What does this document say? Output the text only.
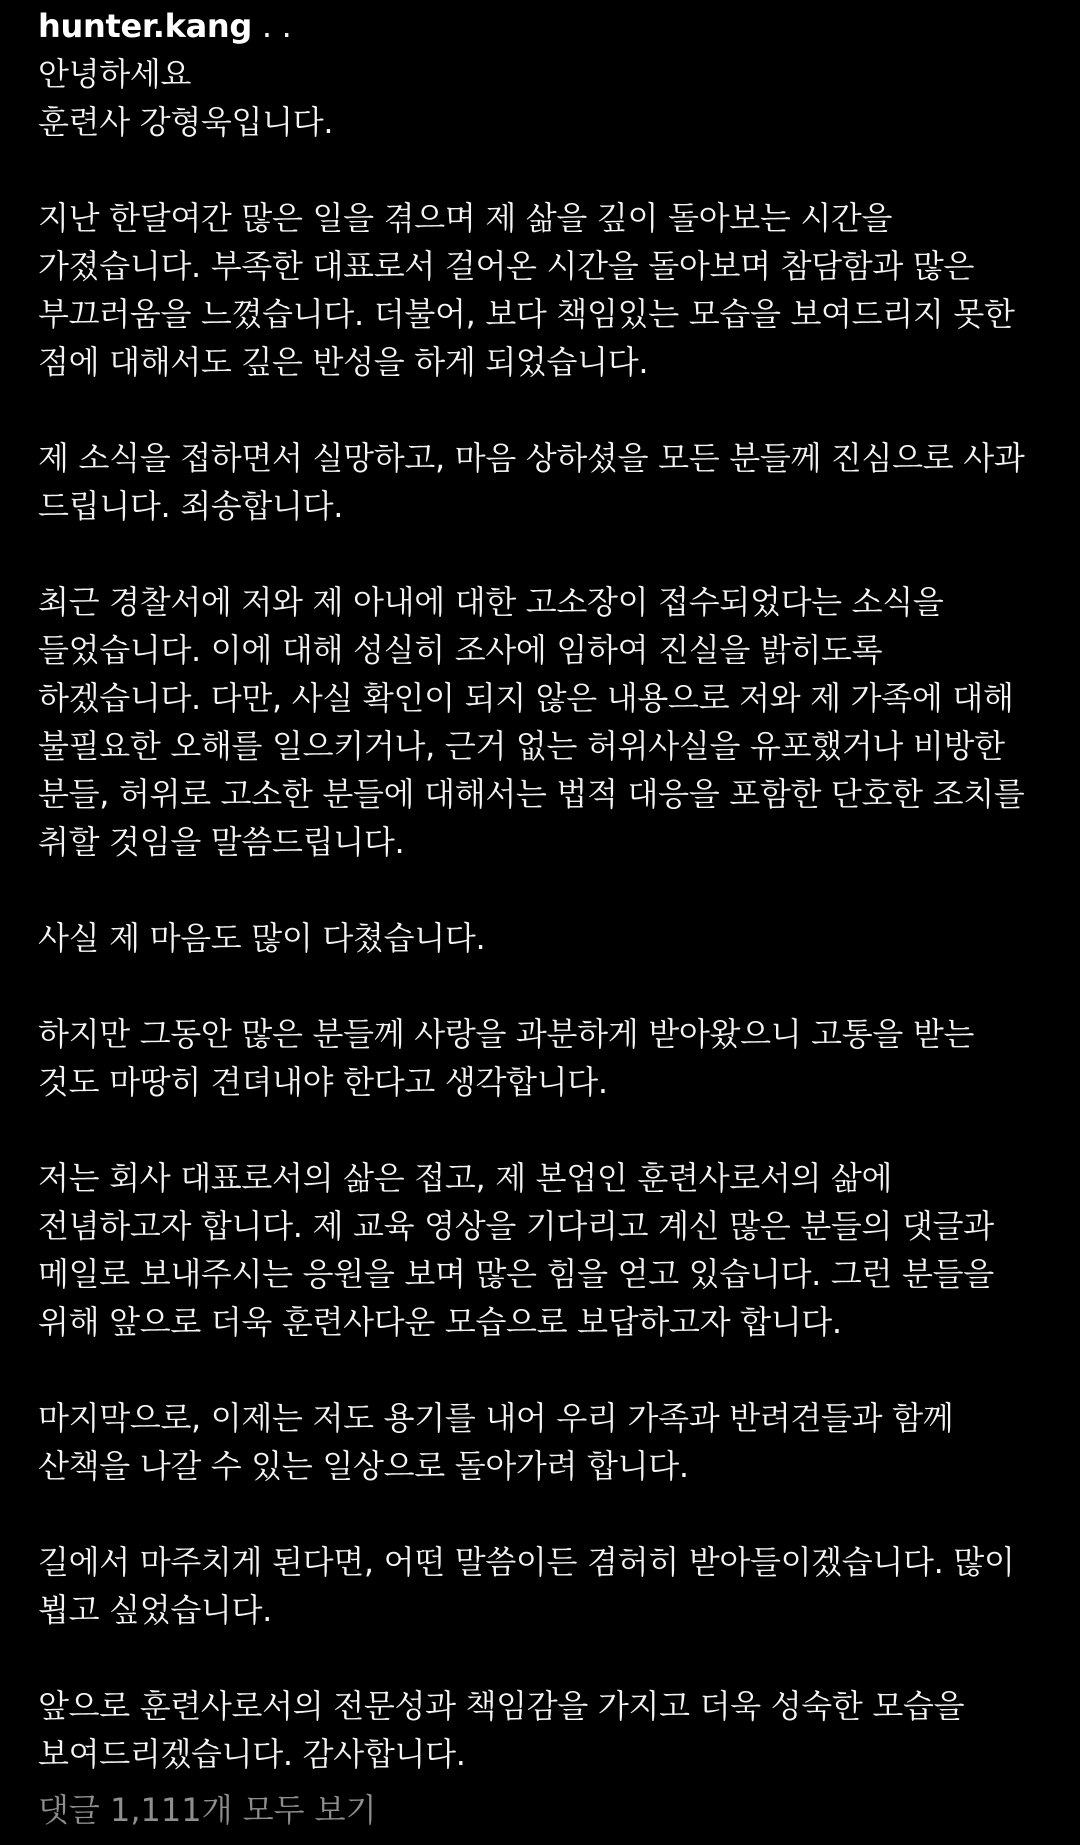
hunter.kang . .
안녕하세요
훈련사 강형욱입니다.
지난 한달여간 많은 일을 겪으며 제 삶을 깊이 돌아보는 시간을
가졌습니다. 부족한 대표로서 걸어온 시간을 돌아보며 참담함과 많은
부끄러움을 느꼈습니다. 더불어, 보다 책임있는 모습을 보여드리지 못한
점에 대해서도 깊은 반성을 하게 되었습니다.
제 소식을 접하면서 실망하고, 마음 상하셨을 모든 분들께 진심으로 사과
드립니다. 죄송합니다.
최근 경찰서에 저와 제 아내에 대한 고소장이 접수되었다는 소식을
들었습니다. 이에 대해 성실히 조사에 임하여 진실을 밝히도록
하겠습니다. 다만, 사실 확인이 되지 않은 내용으로 저와 제 가족에 대해
불필요한 오해를 일으키거나, 근거 없는 허위사실을 유포했거나 비방한
분들, 허위로 고소한 분들에 대해서는 법적 대응을 포함한 단호한 조치를
취할 것임을 말씀드립니다.
사실 제 마음도 많이 다쳤습니다.
하지만 그동안 많은 분들께 사랑을 과분하게 받아왔으니 고통을 받는
것도 마땅히 견뎌내야 한다고 생각합니다.
저는 회사 대표로서의 삶은 접고, 제 본업인 훈련사로서의 삶에
전념하고자 합니다. 제 교육 영상을 기다리고 계신 많은 분들의 댓글과
메일로 보내주시는 응원을 보며 많은 힘을 얻고 있습니다. 그런 분들을
위해 앞으로 더욱 훈련사다운 모습으로 보답하고자 합니다.
마지막으로, 이제는 저도 용기를 내어 우리 가족과 반려견들과 함께
산책을 나갈 수 있는 일상으로 돌아가려 합니다.
길에서 마주치게 된다면, 어떤 말씀이든 겸허히 받아들이겠습니다. 많이
뵙고 싶었습니다.
앞으로 훈련사로서의 전문성과 책임감을 가지고 더욱 성숙한 모습을
보여드리겠습니다. 감사합니다.
댓글 1,111개 모두 보기
